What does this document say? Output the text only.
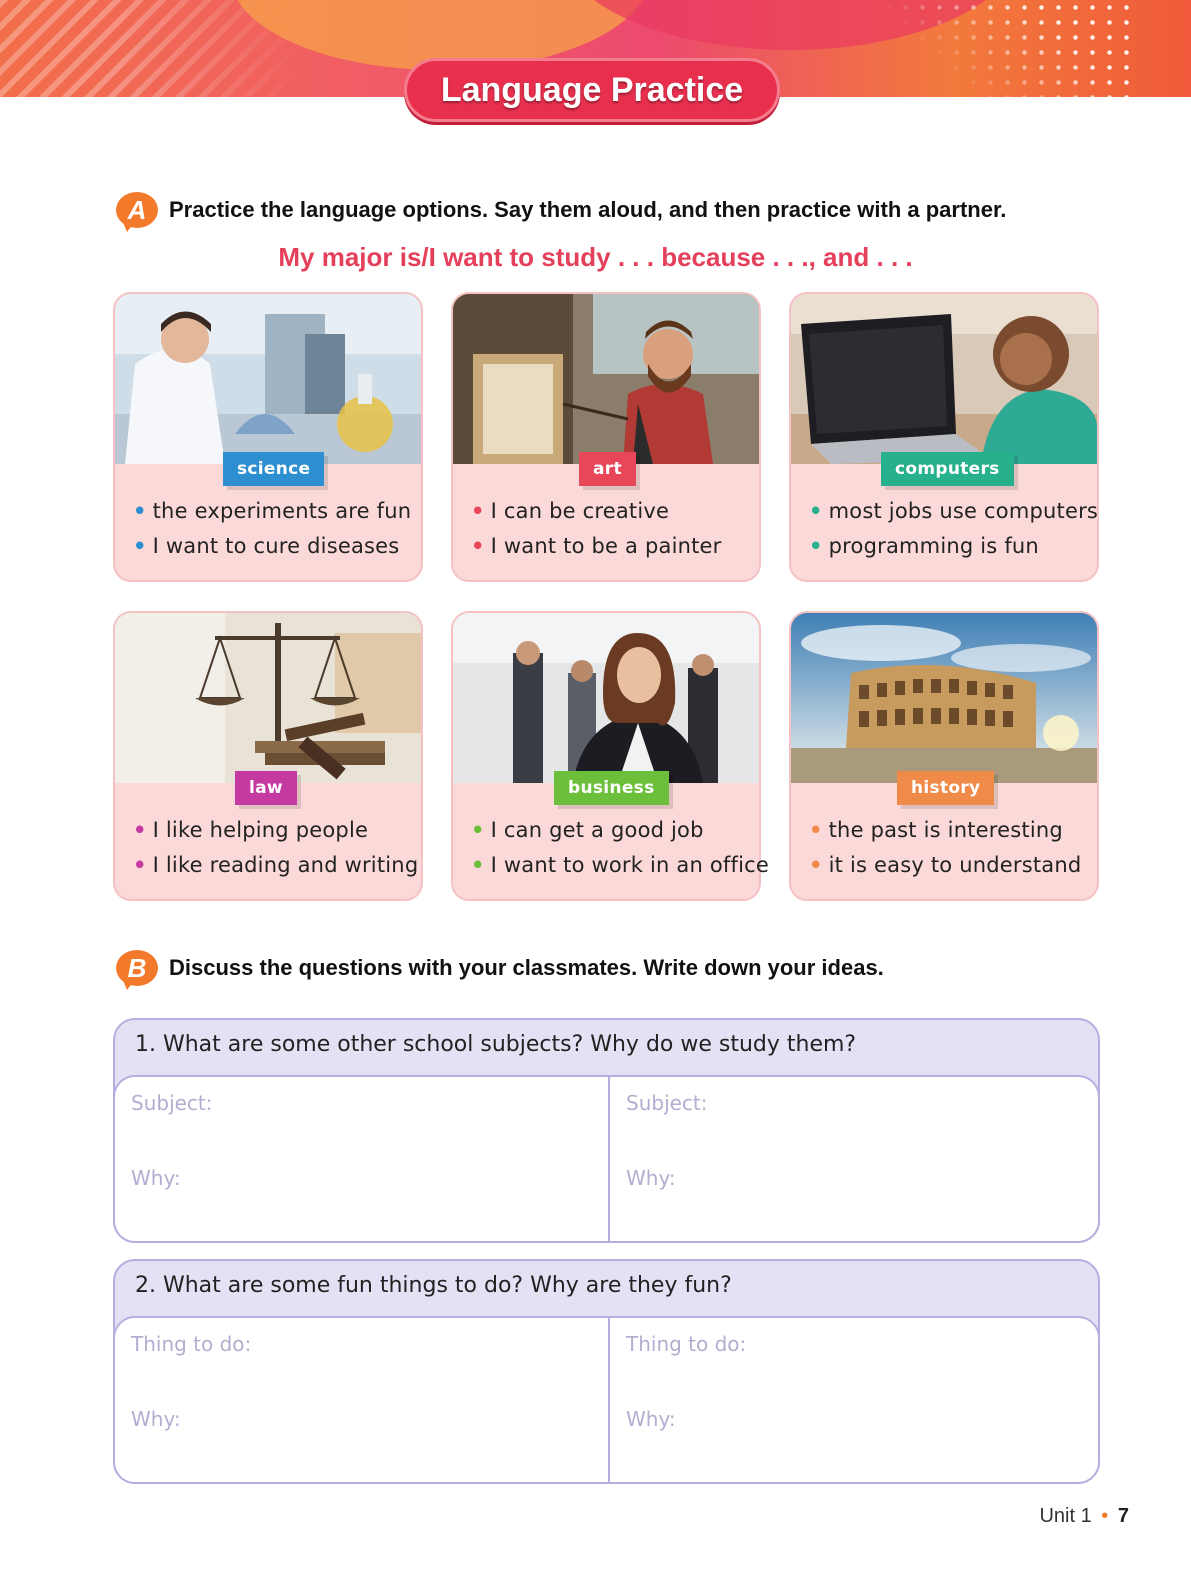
Language Practice
A	Practice the language options. Say them aloud, and then practice with a partner.
My major is/I want to study . . . because . . ., and . . .
science
• the experiments are fun
• I want to cure diseases
art
• I can be creative
• I want to be a painter
computers
• most jobs use computers
• programming is fun
law
• I like helping people
• I like reading and writing
business
• I can get a good job
• I want to work in an office
history
• the past is interesting
• it is easy to understand
B	Discuss the questions with your classmates. Write down your ideas.
1. What are some other school subjects? Why do we study them?
Subject:
Why:
Subject:
Why:
2. What are some fun things to do? Why are they fun?
Thing to do:
Why:
Thing to do:
Why:
Unit 1 • 7
